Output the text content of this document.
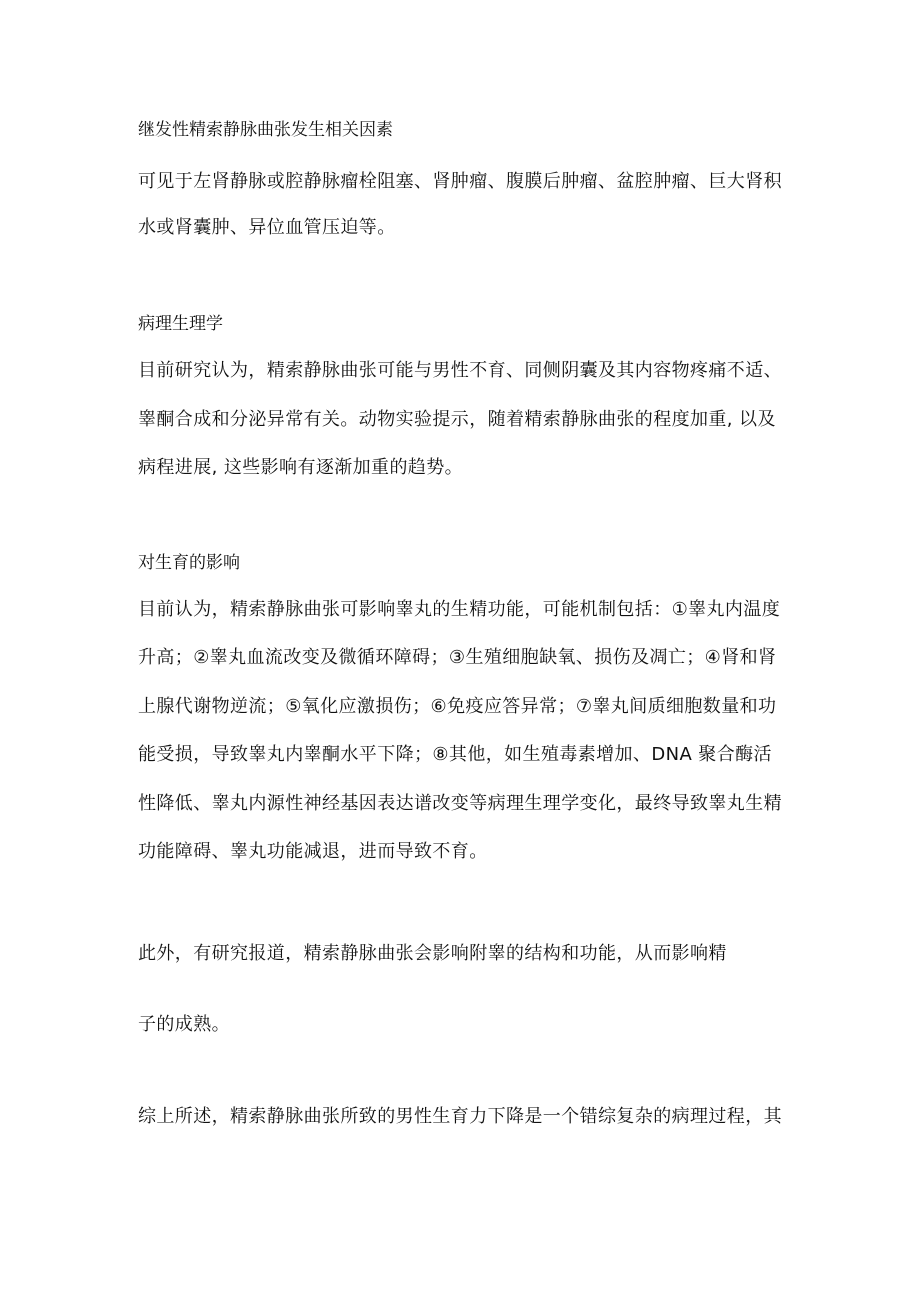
继发性精索静脉曲张发生相关因素
可见于左肾静脉或腔静脉瘤栓阻塞、肾肿瘤、腹膜后肿瘤、盆腔肿瘤、巨大肾积
水或肾囊肿、异位血管压迫等。
病理生理学
目前研究认为，精索静脉曲张可能与男性不育、同侧阴囊及其内容物疼痛不适、
睾酮合成和分泌异常有关。动物实验提示，随着精索静脉曲张的程度加重, 以及
病程进展, 这些影响有逐渐加重的趋势。
对生育的影响
目前认为，精索静脉曲张可影响睾丸的生精功能，可能机制包括：①睾丸内温度
升高；②睾丸血流改变及微循环障碍；③生殖细胞缺氧、损伤及凋亡；④肾和肾
上腺代谢物逆流；⑤氧化应激损伤；⑥免疫应答异常；⑦睾丸间质细胞数量和功
能受损，导致睾丸内睾酮水平下降；⑧其他，如生殖毒素增加、DNA 聚合酶活
性降低、睾丸内源性神经基因表达谱改变等病理生理学变化，最终导致睾丸生精
功能障碍、睾丸功能减退，进而导致不育。
此外，有研究报道，精索静脉曲张会影响附睾的结构和功能，从而影响精
子的成熟。
综上所述，精索静脉曲张所致的男性生育力下降是一个错综复杂的病理过程，其
